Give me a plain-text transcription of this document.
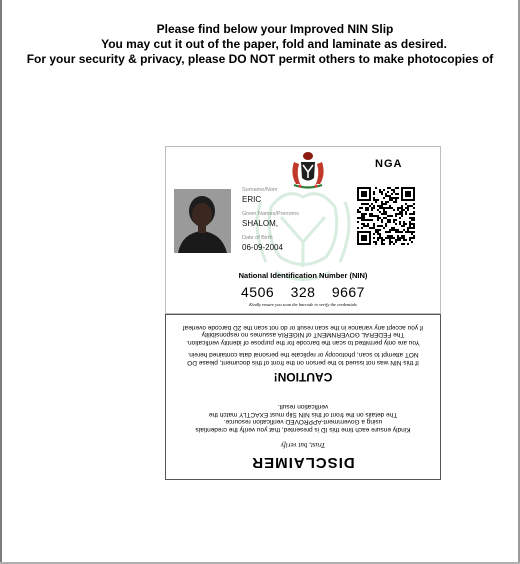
Please find below your Improved NIN Slip
You may cut it out of the paper, fold and laminate as desired.
For your security & privacy, please DO NOT permit others to make photocopies of
NGA
Surname/Nom
ERIC
Given Names/Prenoms
SHALOM,
Date of Birth
06-09-2004
National Identification Number (NIN)
4506 328 9667
Kindly ensure you scan the barcode to verify the credentials
DISCLAIMER
Trust, but verify
Kindly ensure each time this ID is presented, that you verify the credentials
using a Government-APPROVED verification resource.
The details on the front of this NIN Slip must EXACTLY match the
verification result.
CAUTION!
If this NIN was not issued to the person on the front of this document, please DO
NOT attempt to scan, photocopy or replicate the personal data contained herein.
You are only permitted to scan the barcode for the purpose of identity verification.
The FEDERAL GOVERNMENT of NIGERIA assumes no responsibility
if you accept any variance in the scan result or do not scan the 2D barcode overleaf
